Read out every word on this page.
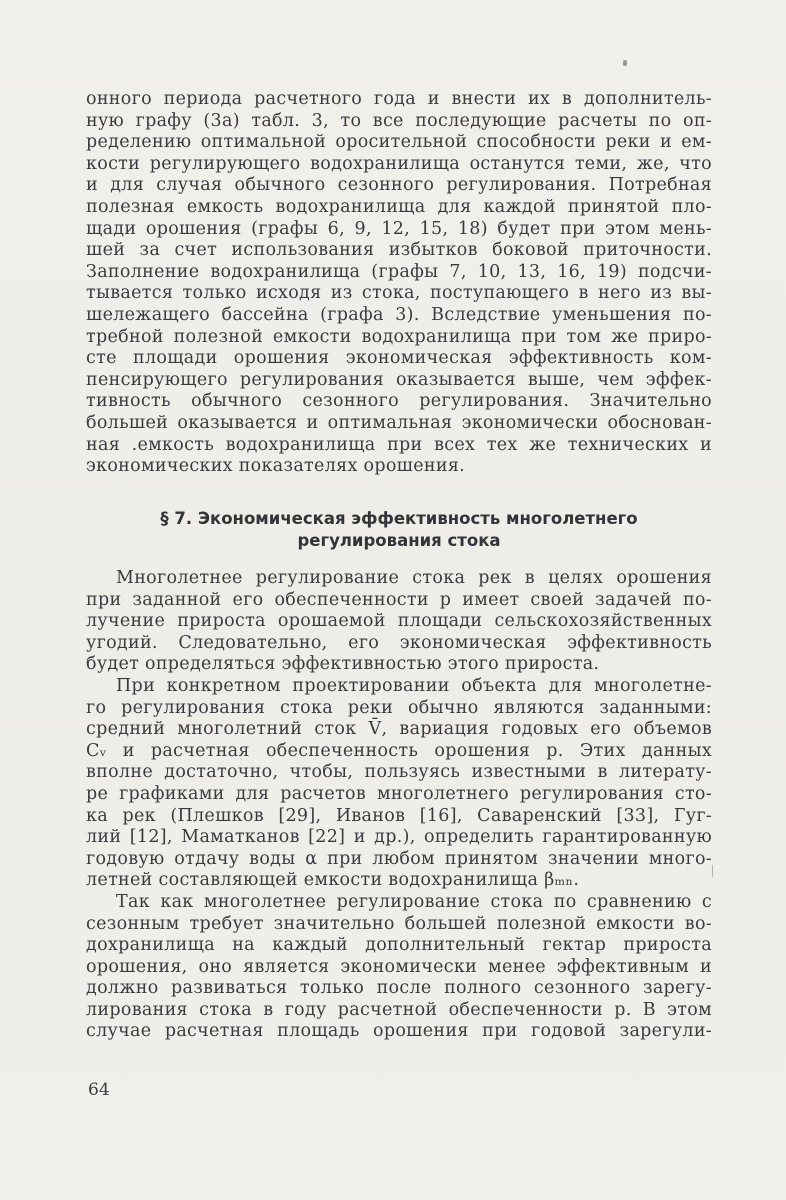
онного периода расчетного года и внести их в дополнитель-
ную графу (3а) табл. 3, то все последующие расчеты по оп-
ределению оптимальной оросительной способности реки и ем-
кости регулирующего водохранилища останутся теми, же, что
и для случая обычного сезонного регулирования. Потребная
полезная емкость водохранилища для каждой принятой пло-
щади орошения (графы 6, 9, 12, 15, 18) будет при этом мень-
шей за счет использования избытков боковой приточности.
Заполнение водохранилища (графы 7, 10, 13, 16, 19) подсчи-
тывается только исходя из стока, поступающего в него из вы-
шележащего бассейна (графа 3). Вследствие уменьшения по-
требной полезной емкости водохранилища при том же приро-
сте площади орошения экономическая эффективность ком-
пенсирующего регулирования оказывается выше, чем эффек-
тивность обычного сезонного регулирования. Значительно
большей оказывается и оптимальная экономически обоснован-
ная .емкость водохранилища при всех тех же технических и
экономических показателях орошения.
§ 7. Экономическая эффективность многолетнего
регулирования стока
Многолетнее регулирование стока рек в целях орошения
при заданной его обеспеченности p имеет своей задачей по-
лучение прироста орошаемой площади сельскохозяйственных
угодий. Следовательно, его экономическая эффективность
будет определяться эффективностью этого прироста.
При конкретном проектировании объекта для многолетне-
го регулирования стока реки обычно являются заданными:
средний многолетний сток V̄, вариация годовых его объемов
Cᵥ и расчетная обеспеченность орошения p. Этих данных
вполне достаточно, чтобы, пользуясь известными в литерату-
ре графиками для расчетов многолетнего регулирования сто-
ка рек (Плешков [29], Иванов [16], Саваренский [33], Гуг-
лий [12], Маматканов [22] и др.), определить гарантированную
годовую отдачу воды α при любом принятом значении много-
летней составляющей емкости водохранилища βₘₙ.
Так как многолетнее регулирование стока по сравнению с
сезонным требует значительно большей полезной емкости во-
дохранилища на каждый дополнительный гектар прироста
орошения, оно является экономически менее эффективным и
должно развиваться только после полного сезонного зарегу-
лирования стока в году расчетной обеспеченности p. В этом
случае расчетная площадь орошения при годовой зарегули-
64
